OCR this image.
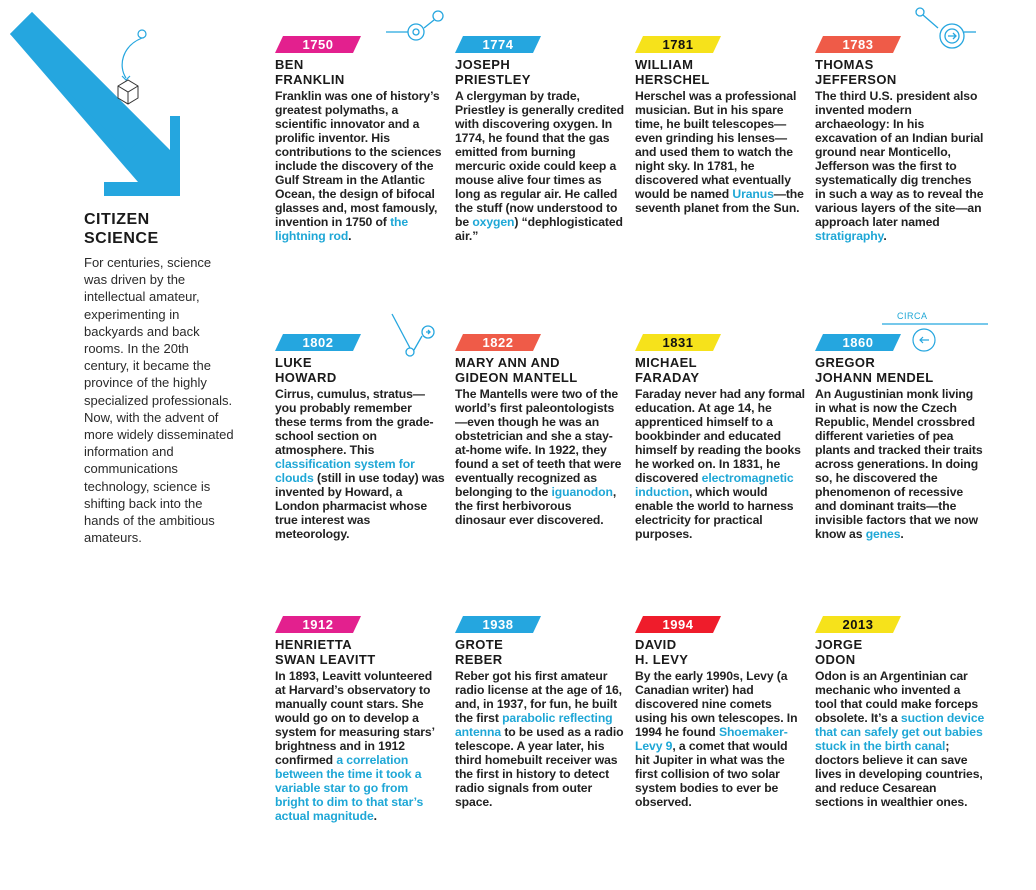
CIRCA
CITIZEN
SCIENCE
For centuries, science was driven by the intellectual amateur, experimenting in backyards and back rooms. In the 20th century, it became the province of the highly specialized professionals. Now, with the advent of more widely disseminated information and communications technology, science is shifting back into the hands of the ambitious amateurs.
1750
BEN
FRANKLIN
Franklin was one of history’s greatest polymaths, a scientific innovator and a prolific inventor. His contributions to the sciences include the discovery of the Gulf Stream in the Atlantic Ocean, the design of bifocal glasses and, most famously, invention in 1750 of the lightning rod.
1774
JOSEPH
PRIESTLEY
A clergyman by trade, Priestley is generally credited with discovering oxygen. In 1774, he found that the gas emitted from burning mercuric oxide could keep a mouse alive four times as long as regular air. He called the stuff (now understood to be oxygen) “dephlogisticated air.”
1781
WILLIAM
HERSCHEL
Herschel was a professional musician. But in his spare time, he built telescopes—even grinding his lenses—and used them to watch the night sky. In 1781, he discovered what eventually would be named Uranus—the seventh planet from the Sun.
1783
THOMAS
JEFFERSON
The third U.S. president also invented modern archaeology: In his excavation of an Indian burial ground near Monticello, Jefferson was the first to systematically dig trenches in such a way as to reveal the various layers of the site—an approach later named stratigraphy.
1802
LUKE
HOWARD
Cirrus, cumulus, stratus—you probably remember these terms from the grade-school section on atmosphere. This classification system for clouds (still in use today) was invented by Howard, a London pharmacist whose true interest was meteorology.
1822
MARY ANN AND
GIDEON MANTELL
The Mantells were two of the world’s first paleontologists—even though he was an obstetrician and she a stay-at-home wife. In 1922, they found a set of teeth that were eventually recognized as belonging to the iguanodon, the first herbivorous dinosaur ever discovered.
1831
MICHAEL
FARADAY
Faraday never had any formal education. At age 14, he apprenticed himself to a bookbinder and educated himself by reading the books he worked on. In 1831, he discovered electromagnetic induction, which would enable the world to harness electricity for practical purposes.
1860
GREGOR
JOHANN MENDEL
An Augustinian monk living in what is now the Czech Republic, Mendel crossbred different varieties of pea plants and tracked their traits across generations. In doing so, he discovered the phenomenon of recessive and dominant traits—the invisible factors that we now know as genes.
1912
HENRIETTA
SWAN LEAVITT
In 1893, Leavitt volunteered at Harvard’s observatory to manually count stars. She would go on to develop a system for measuring stars’ brightness and in 1912 confirmed a correlation between the time it took a variable star to go from bright to dim to that star’s actual magnitude.
1938
GROTE
REBER
Reber got his first amateur radio license at the age of 16, and, in 1937, for fun, he built the first parabolic reflecting antenna to be used as a radio telescope. A year later, his third homebuilt receiver was the first in history to detect radio signals from outer space.
1994
DAVID
H. LEVY
By the early 1990s, Levy (a Canadian writer) had discovered nine comets using his own telescopes. In 1994 he found Shoemaker-Levy 9, a comet that would hit Jupiter in what was the first collision of two solar system bodies to ever be observed.
2013
JORGE
ODON
Odon is an Argentinian car mechanic who invented a tool that could make forceps obsolete. It’s a suction device that can safely get out babies stuck in the birth canal; doctors believe it can save lives in developing countries, and reduce Cesarean sections in wealthier ones.
